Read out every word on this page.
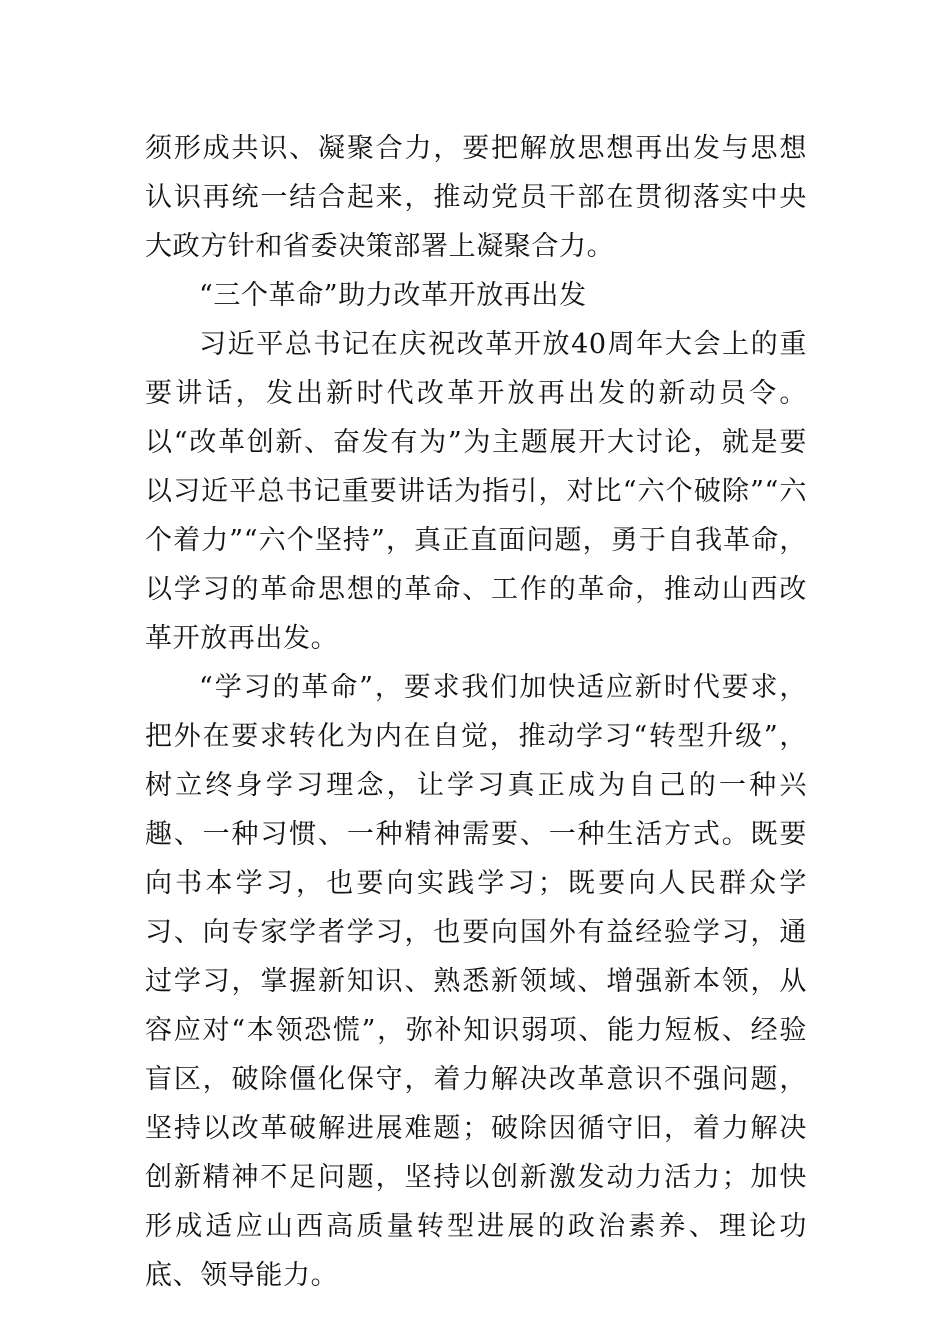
须形成共识、凝聚合力，要把解放思想再出发与思想认识再统一结合起来，推动党员干部在贯彻落实中央大政方针和省委决策部署上凝聚合力。

“三个革命”助力改革开放再出发

习近平总书记在庆祝改革开放40周年大会上的重要讲话，发出新时代改革开放再出发的新动员令。以“改革创新、奋发有为”为主题展开大讨论，就是要以习近平总书记重要讲话为指引，对比“六个破除”“六个着力”“六个坚持”，真正直面问题，勇于自我革命，以学习的革命思想的革命、工作的革命，推动山西改革开放再出发。

“学习的革命”，要求我们加快适应新时代要求，把外在要求转化为内在自觉，推动学习“转型升级”，树立终身学习理念，让学习真正成为自己的一种兴趣、一种习惯、一种精神需要、一种生活方式。既要向书本学习，也要向实践学习；既要向人民群众学习、向专家学者学习，也要向国外有益经验学习，通过学习，掌握新知识、熟悉新领域、增强新本领，从容应对“本领恐慌”，弥补知识弱项、能力短板、经验盲区，破除僵化保守，着力解决改革意识不强问题，坚持以改革破解进展难题；破除因循守旧，着力解决创新精神不足问题，坚持以创新激发动力活力；加快形成适应山西高质量转型进展的政治素养、理论功底、领导能力。
